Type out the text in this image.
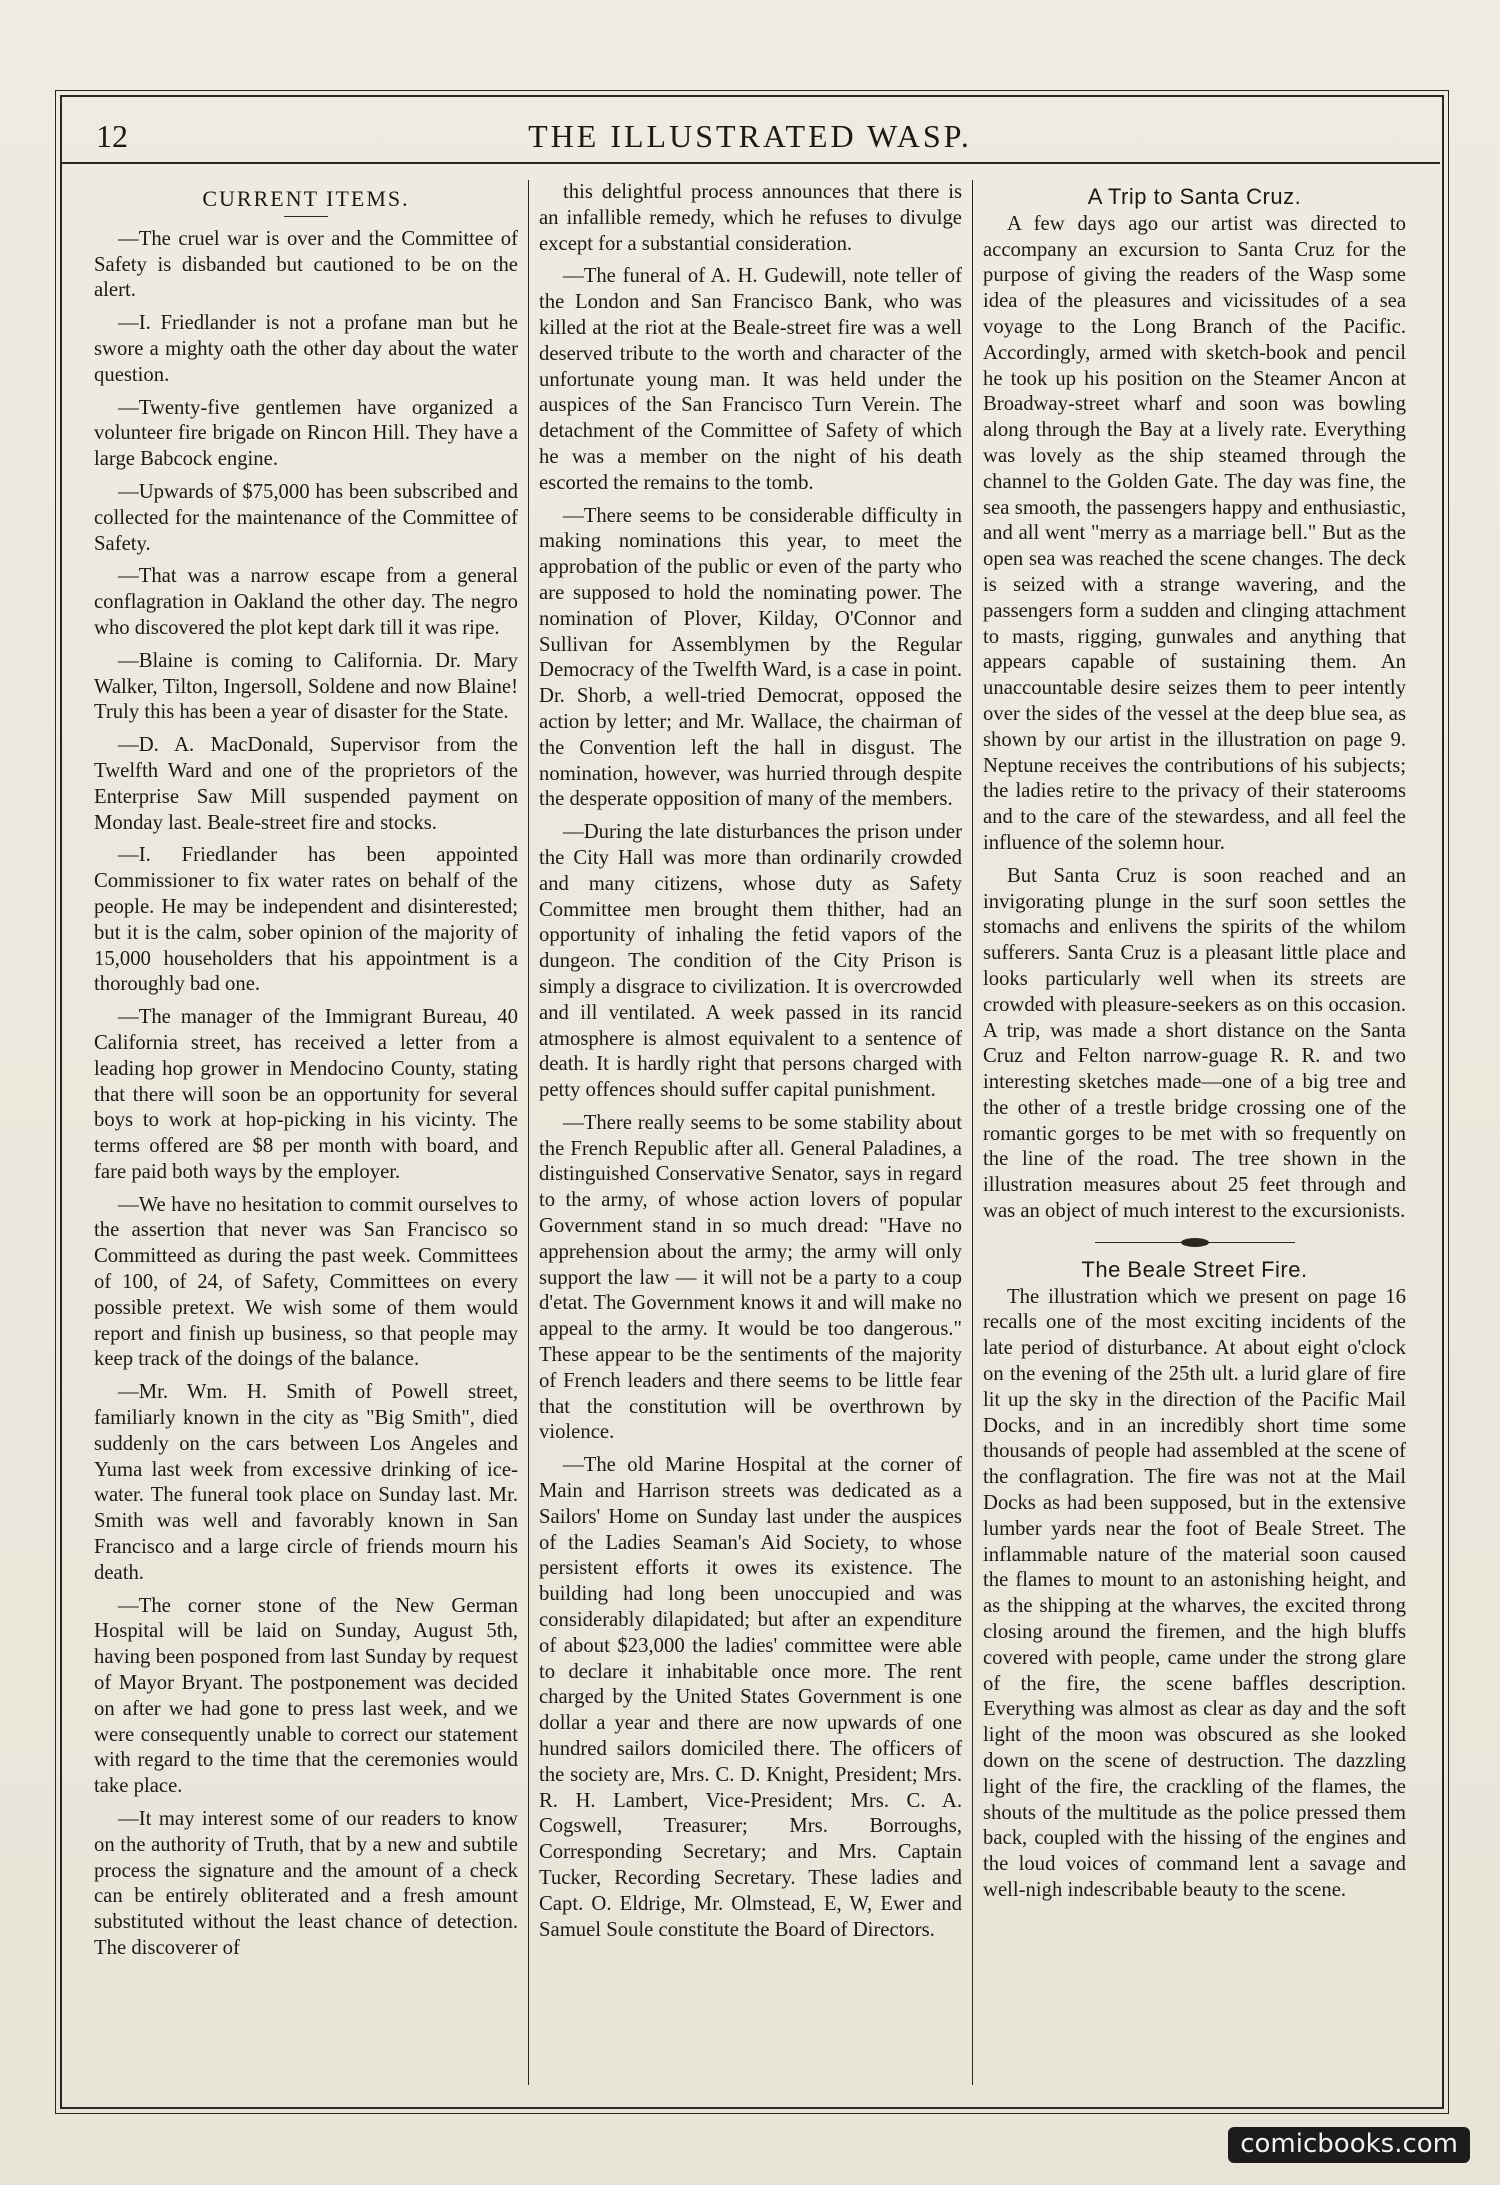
12	THE ILLUSTRATED WASP.
CURRENT ITEMS.

—The cruel war is over and the Committee of Safety is disbanded but cautioned to be on the alert.

—I. Friedlander is not a profane man but he swore a mighty oath the other day about the water question.

—Twenty-five gentlemen have organized a volunteer fire brigade on Rincon Hill. They have a large Babcock engine.

—Upwards of $75,000 has been subscribed and collected for the maintenance of the Committee of Safety.

—That was a narrow escape from a general conflagration in Oakland the other day. The negro who discovered the plot kept dark till it was ripe.

—Blaine is coming to California. Dr. Mary Walker, Tilton, Ingersoll, Soldene and now Blaine! Truly this has been a year of disaster for the State.

—D. A. MacDonald, Supervisor from the Twelfth Ward and one of the proprietors of the Enterprise Saw Mill suspended payment on Monday last. Beale-street fire and stocks.

—I. Friedlander has been appointed Commissioner to fix water rates on behalf of the people. He may be independent and disinterested; but it is the calm, sober opinion of the majority of 15,000 householders that his appointment is a thoroughly bad one.

—The manager of the Immigrant Bureau, 40 California street, has received a letter from a leading hop grower in Mendocino County, stating that there will soon be an opportunity for several boys to work at hop-picking in his vicinty. The terms offered are $8 per month with board, and fare paid both ways by the employer.

—We have no hesitation to commit ourselves to the assertion that never was San Francisco so Committeed as during the past week. Committees of 100, of 24, of Safety, Committees on every possible pretext. We wish some of them would report and finish up business, so that people may keep track of the doings of the balance.

—Mr. Wm. H. Smith of Powell street, familiarly known in the city as "Big Smith", died suddenly on the cars between Los Angeles and Yuma last week from excessive drinking of ice-water. The funeral took place on Sunday last. Mr. Smith was well and favorably known in San Francisco and a large circle of friends mourn his death.

—The corner stone of the New German Hospital will be laid on Sunday, August 5th, having been posponed from last Sunday by request of Mayor Bryant. The postponement was decided on after we had gone to press last week, and we were consequently unable to correct our statement with regard to the time that the ceremonies would take place.

—It may interest some of our readers to know on the authority of Truth, that by a new and subtile process the signature and the amount of a check can be entirely obliterated and a fresh amount substituted without the least chance of detection. The discoverer of

this delightful process announces that there is an infallible remedy, which he refuses to divulge except for a substantial consideration.

—The funeral of A. H. Gudewill, note teller of the London and San Francisco Bank, who was killed at the riot at the Beale-street fire was a well deserved tribute to the worth and character of the unfortunate young man. It was held under the auspices of the San Francisco Turn Verein. The detachment of the Committee of Safety of which he was a member on the night of his death escorted the remains to the tomb.

—There seems to be considerable difficulty in making nominations this year, to meet the approbation of the public or even of the party who are supposed to hold the nominating power. The nomination of Plover, Kilday, O'Connor and Sullivan for Assemblymen by the Regular Democracy of the Twelfth Ward, is a case in point. Dr. Shorb, a well-tried Democrat, opposed the action by letter; and Mr. Wallace, the chairman of the Convention left the hall in disgust. The nomination, however, was hurried through despite the desperate opposition of many of the members.

—During the late disturbances the prison under the City Hall was more than ordinarily crowded and many citizens, whose duty as Safety Committee men brought them thither, had an opportunity of inhaling the fetid vapors of the dungeon. The condition of the City Prison is simply a disgrace to civilization. It is overcrowded and ill ventilated. A week passed in its rancid atmosphere is almost equivalent to a sentence of death. It is hardly right that persons charged with petty offences should suffer capital punishment.

—There really seems to be some stability about the French Republic after all. General Paladines, a distinguished Conservative Senator, says in regard to the army, of whose action lovers of popular Government stand in so much dread: "Have no apprehension about the army; the army will only support the law — it will not be a party to a coup d'etat. The Government knows it and will make no appeal to the army. It would be too dangerous." These appear to be the sentiments of the majority of French leaders and there seems to be little fear that the constitution will be overthrown by violence.

—The old Marine Hospital at the corner of Main and Harrison streets was dedicated as a Sailors' Home on Sunday last under the auspices of the Ladies Seaman's Aid Society, to whose persistent efforts it owes its existence. The building had long been unoccupied and was considerably dilapidated; but after an expenditure of about $23,000 the ladies' committee were able to declare it inhabitable once more. The rent charged by the United States Government is one dollar a year and there are now upwards of one hundred sailors domiciled there. The officers of the society are, Mrs. C. D. Knight, President; Mrs. R. H. Lambert, Vice-President; Mrs. C. A. Cogswell, Treasurer; Mrs. Borroughs, Corresponding Secretary; and Mrs. Captain Tucker, Recording Secretary. These ladies and Capt. O. Eldrige, Mr. Olmstead, E, W, Ewer and Samuel Soule constitute the Board of Directors.

A Trip to Santa Cruz.

A few days ago our artist was directed to accompany an excursion to Santa Cruz for the purpose of giving the readers of the Wasp some idea of the pleasures and vicissitudes of a sea voyage to the Long Branch of the Pacific. Accordingly, armed with sketch-book and pencil he took up his position on the Steamer Ancon at Broadway-street wharf and soon was bowling along through the Bay at a lively rate. Everything was lovely as the ship steamed through the channel to the Golden Gate. The day was fine, the sea smooth, the passengers happy and enthusiastic, and all went "merry as a marriage bell." But as the open sea was reached the scene changes. The deck is seized with a strange wavering, and the passengers form a sudden and clinging attachment to masts, rigging, gunwales and anything that appears capable of sustaining them. An unaccountable desire seizes them to peer intently over the sides of the vessel at the deep blue sea, as shown by our artist in the illustration on page 9. Neptune receives the contributions of his subjects; the ladies retire to the privacy of their staterooms and to the care of the stewardess, and all feel the influence of the solemn hour.

But Santa Cruz is soon reached and an invigorating plunge in the surf soon settles the stomachs and enlivens the spirits of the whilom sufferers. Santa Cruz is a pleasant little place and looks particularly well when its streets are crowded with pleasure-seekers as on this occasion. A trip, was made a short distance on the Santa Cruz and Felton narrow-guage R. R. and two interesting sketches made—one of a big tree and the other of a trestle bridge crossing one of the romantic gorges to be met with so frequently on the line of the road. The tree shown in the illustration measures about 25 feet through and was an object of much interest to the excursionists.

The Beale Street Fire.

The illustration which we present on page 16 recalls one of the most exciting incidents of the late period of disturbance. At about eight o'clock on the evening of the 25th ult. a lurid glare of fire lit up the sky in the direction of the Pacific Mail Docks, and in an incredibly short time some thousands of people had assembled at the scene of the conflagration. The fire was not at the Mail Docks as had been supposed, but in the extensive lumber yards near the foot of Beale Street. The inflammable nature of the material soon caused the flames to mount to an astonishing height, and as the shipping at the wharves, the excited throng closing around the firemen, and the high bluffs covered with people, came under the strong glare of the fire, the scene baffles description. Everything was almost as clear as day and the soft light of the moon was obscured as she looked down on the scene of destruction. The dazzling light of the fire, the crackling of the flames, the shouts of the multitude as the police pressed them back, coupled with the hissing of the engines and the loud voices of command lent a savage and well-nigh indescribable beauty to the scene.

comicbooks.com
